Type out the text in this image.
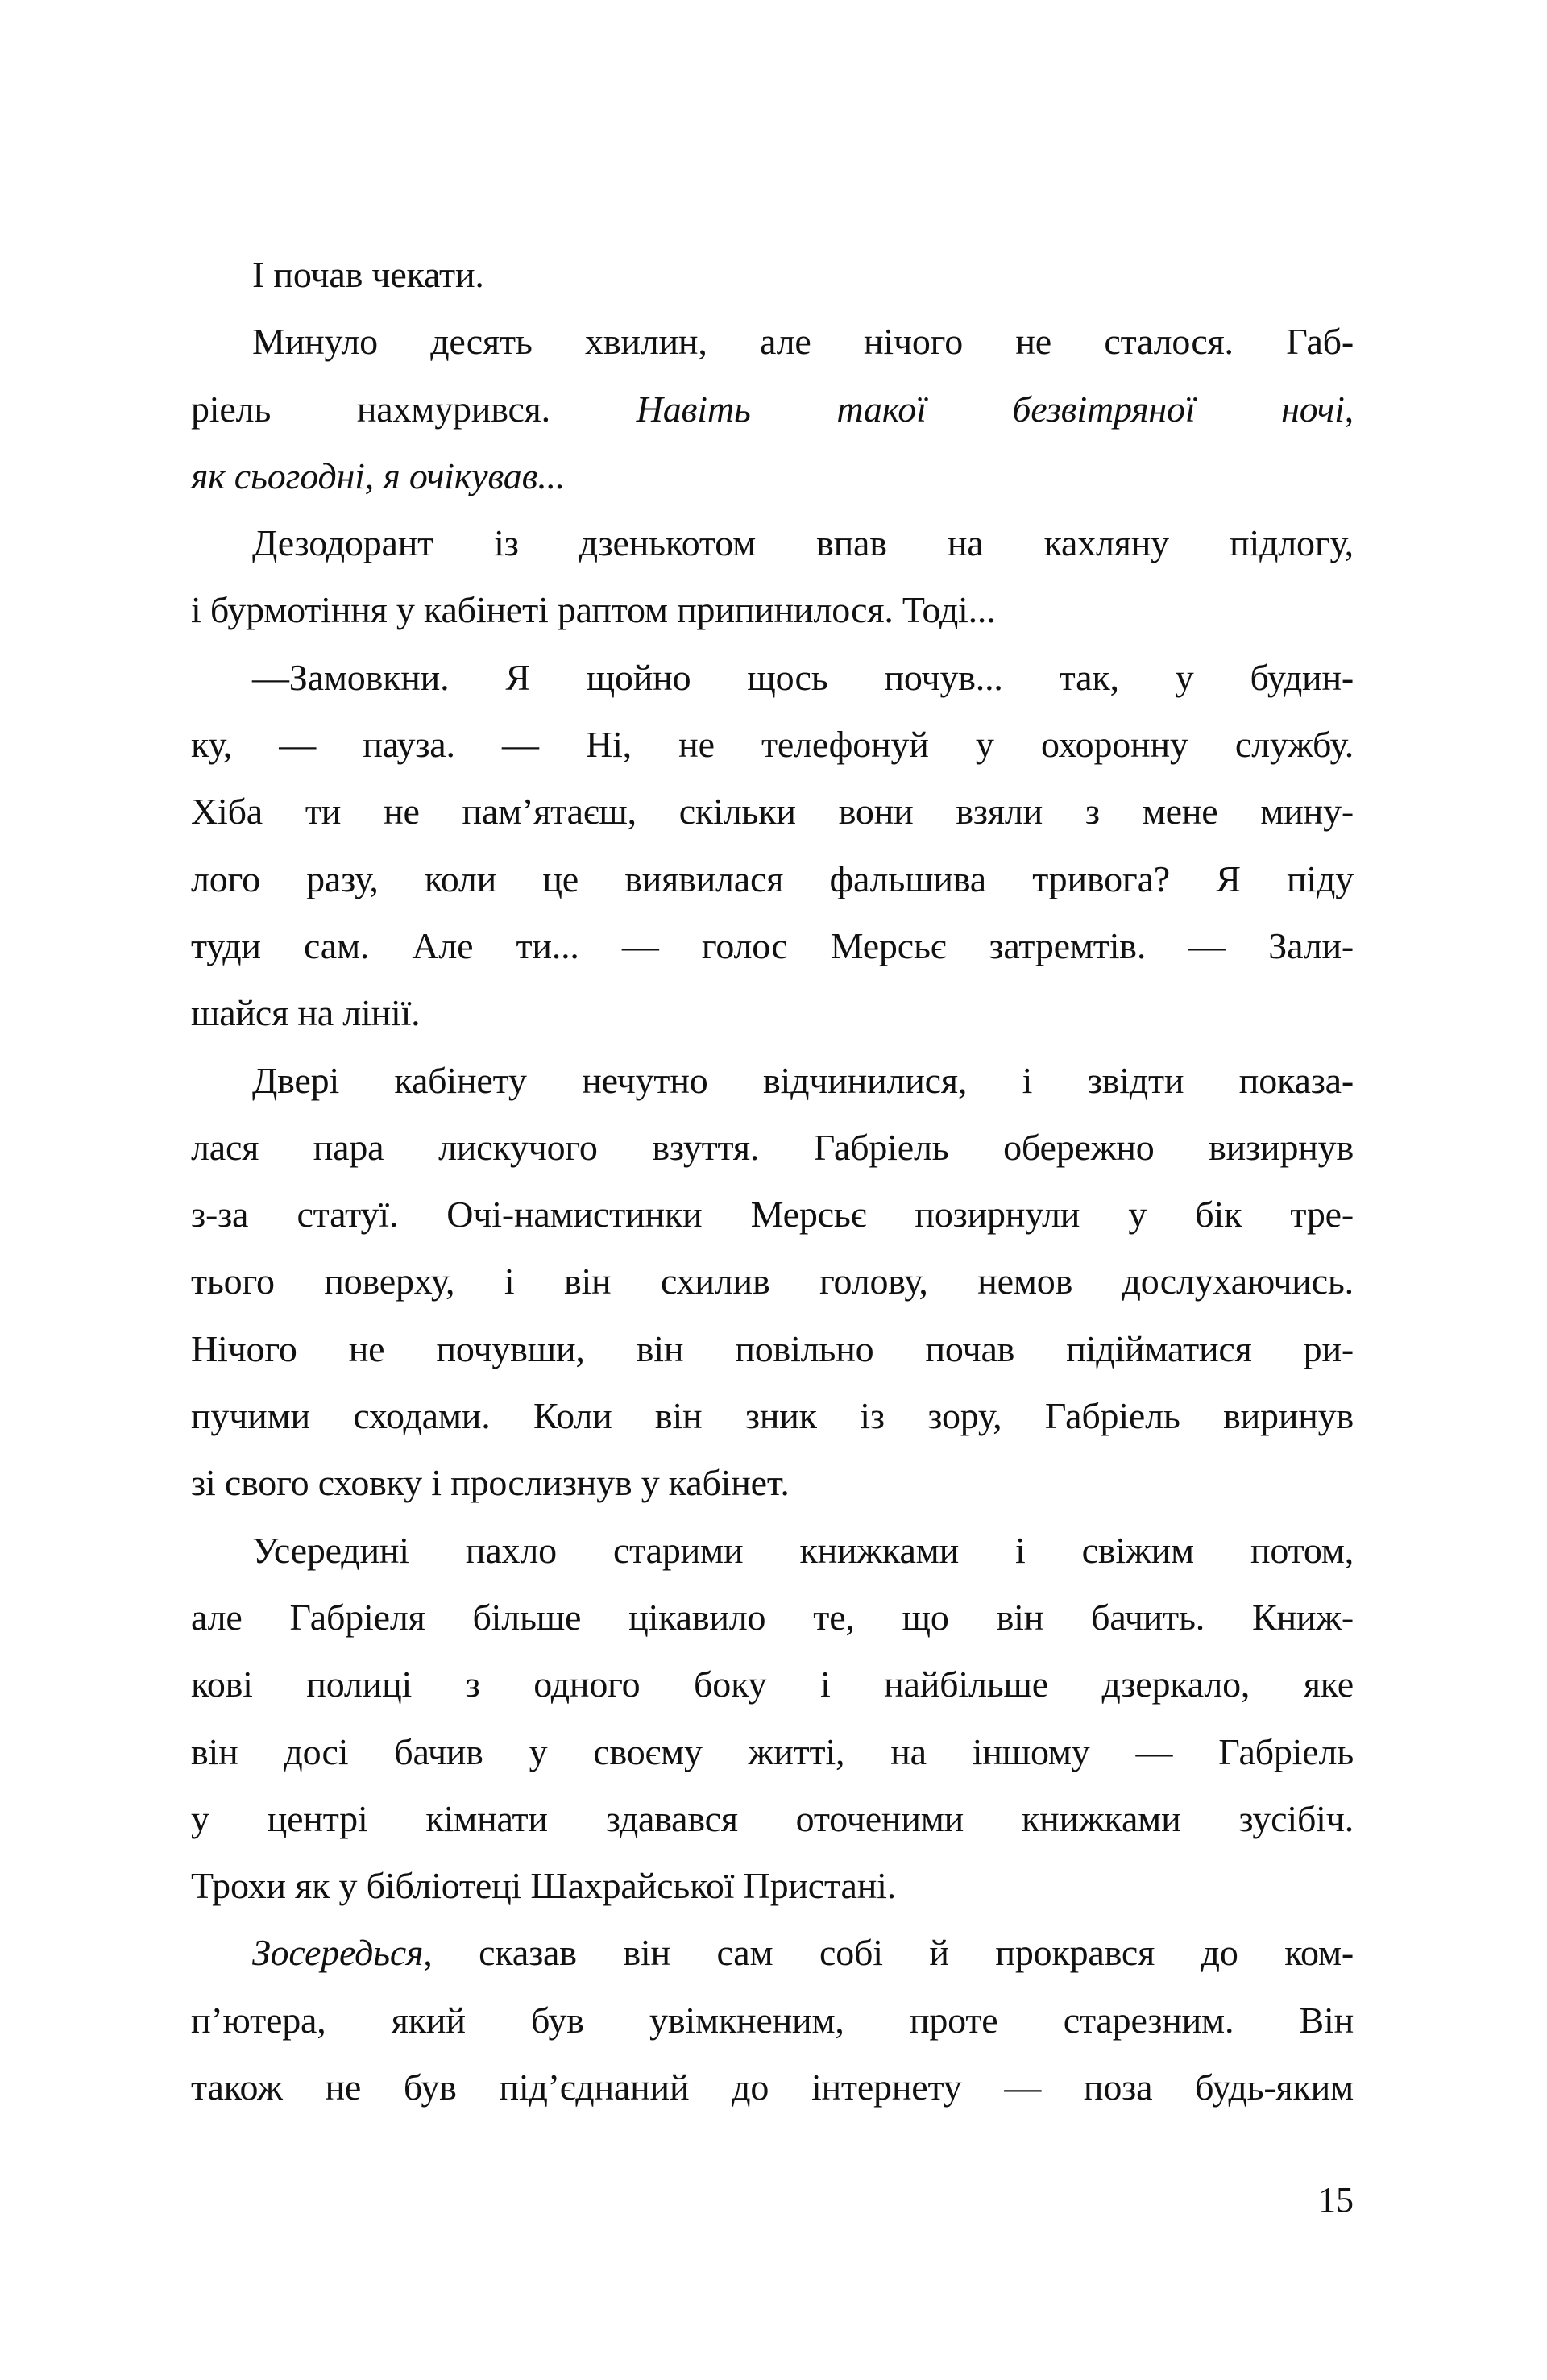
І почав чекати.
Минуло десять хвилин, але нічого не сталося. Габ-
ріель нахмурився. Навіть такої безвітряної ночі,
як сьогодні, я очікував...
Дезодорант із дзенькотом впав на кахляну підлогу,
і бурмотіння у кабінеті раптом припинилося. Тоді...
—Замовкни. Я щойно щось почув... так, у будин-
ку, — пауза. — Ні, не телефонуй у охоронну службу.
Хіба ти не пам’ятаєш, скільки вони взяли з мене мину-
лого разу, коли це виявилася фальшива тривога? Я піду
туди сам. Але ти... — голос Мерсьє затремтів. — Зали-
шайся на лінії.
Двері кабінету нечутно відчинилися, і звідти показа-
лася пара лискучого взуття. Габріель обережно визирнув
з-за статуї. Очі-намистинки Мерсьє позирнули у бік тре-
тього поверху, і він схилив голову, немов дослухаючись.
Нічого не почувши, він повільно почав підійматися ри-
пучими сходами. Коли він зник із зору, Габріель виринув
зі свого сховку і прослизнув у кабінет.
Усередині пахло старими книжками і свіжим потом,
але Габріеля більше цікавило те, що він бачить. Книж-
кові полиці з одного боку і найбільше дзеркало, яке
він досі бачив у своєму житті, на іншому — Габріель
у центрі кімнати здавався оточеними книжками зусібіч.
Трохи як у бібліотеці Шахрайської Пристані.
Зосередься, сказав він сам собі й прокрався до ком-
п’ютера, який був увімкненим, проте старезним. Він
також не був під’єднаний до інтернету — поза будь-яким
15
